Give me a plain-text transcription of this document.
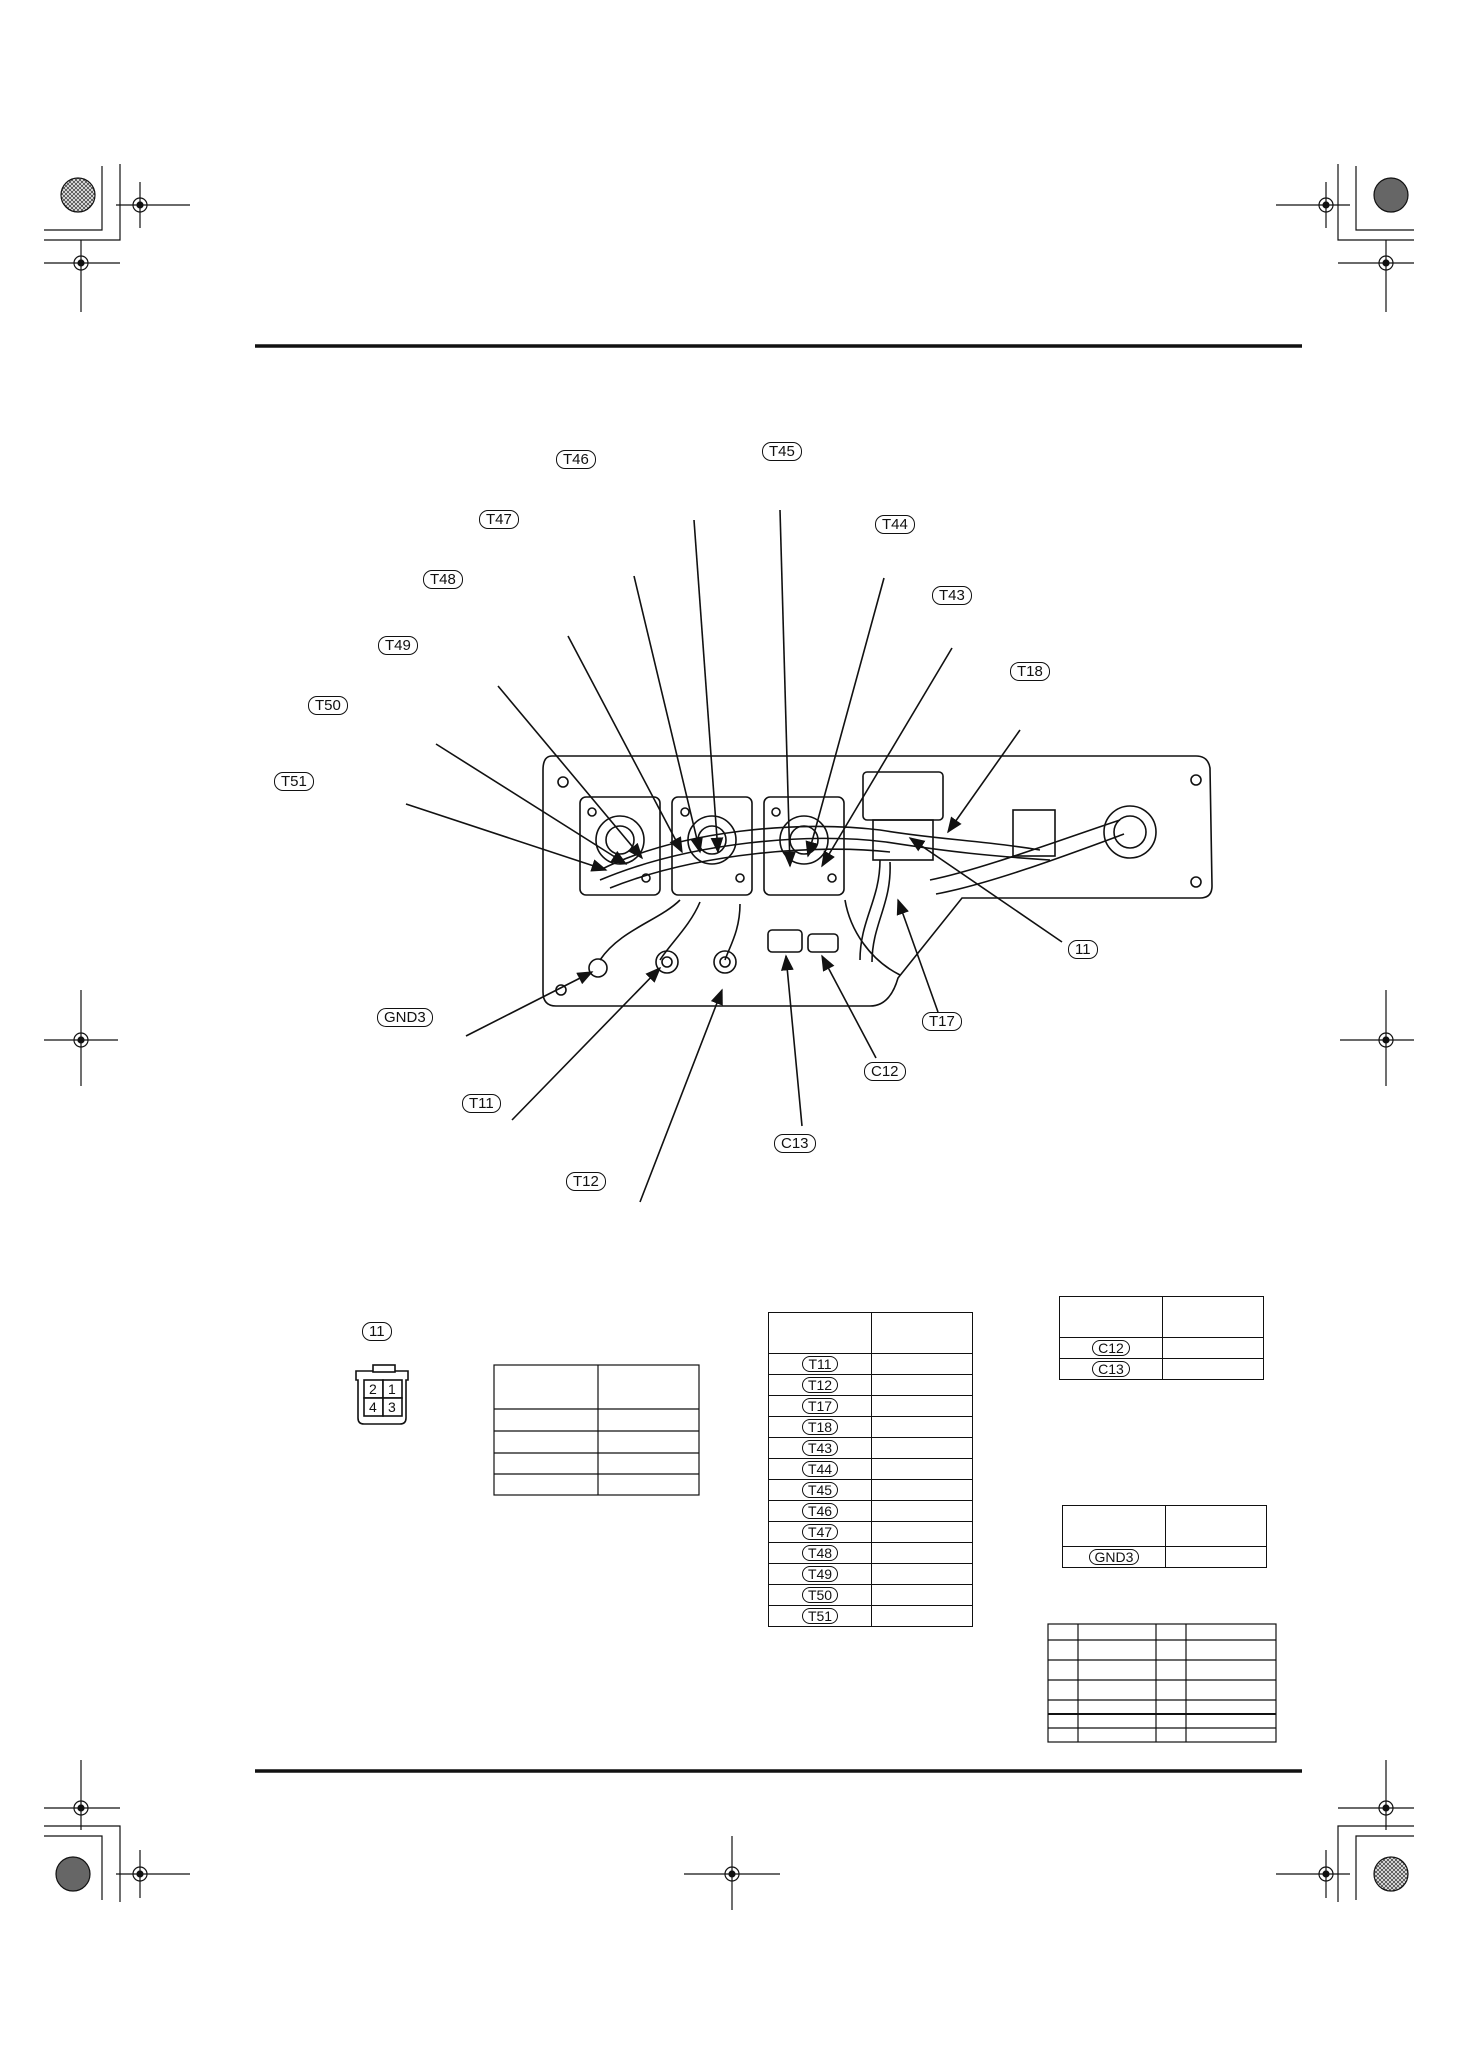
T46	T45
T47	T44
T48
T43
T49
T18
T50
T51
11
GND3	T17
C12
T11
C13
T12
11
2 1
4 3

T11	
T12	
T17	
T18	
T43	
T44	
T45	
T46	
T47	
T48	
T49	
T50	
T51	

C12	
C13	

GND3	
